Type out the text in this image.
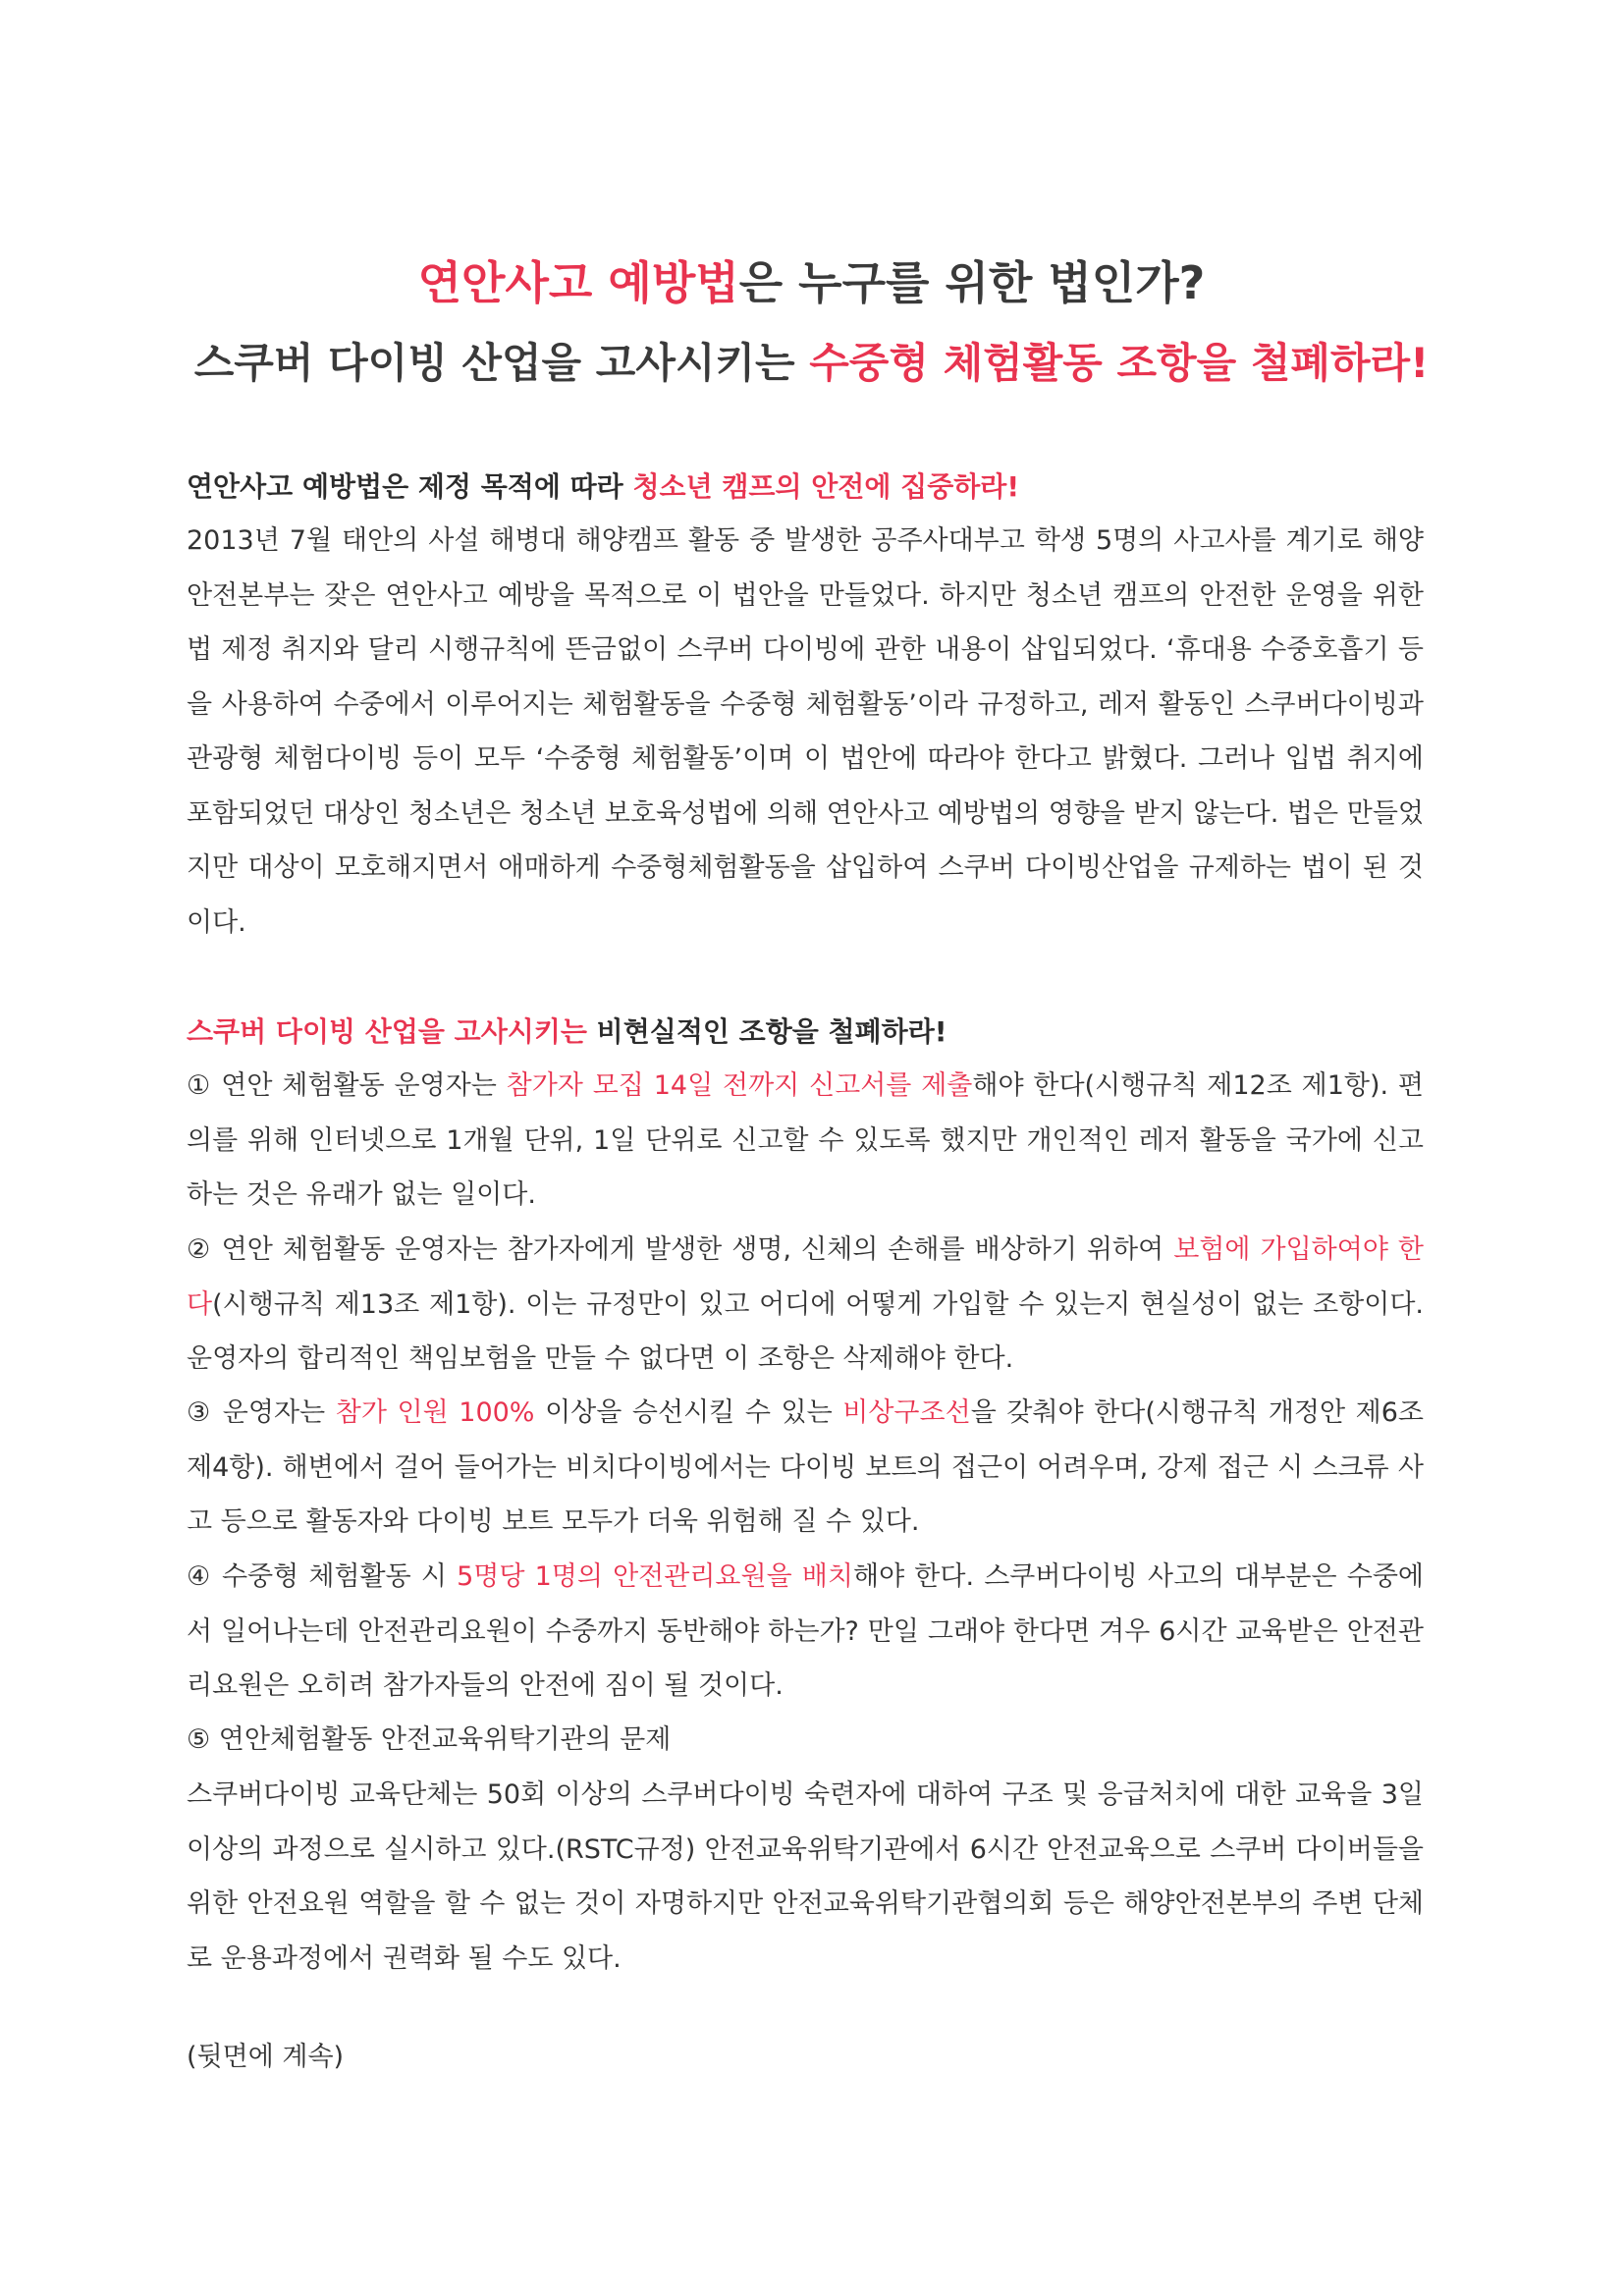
연안사고 예방법은 누구를 위한 법인가?
스쿠버 다이빙 산업을 고사시키는 수중형 체험활동 조항을 철폐하라!
연안사고 예방법은 제정 목적에 따라 청소년 캠프의 안전에 집중하라!

2013년 7월 태안의 사설 해병대 해양캠프 활동 중 발생한 공주사대부고 학생 5명의 사고사를 계기로 해양안전본부는 잦은 연안사고 예방을 목적으로 이 법안을 만들었다. 하지만 청소년 캠프의 안전한 운영을 위한 법 제정 취지와 달리 시행규칙에 뜬금없이 스쿠버 다이빙에 관한 내용이 삽입되었다. ‘휴대용 수중호흡기 등을 사용하여 수중에서 이루어지는 체험활동을 수중형 체험활동’이라 규정하고, 레저 활동인 스쿠버다이빙과 관광형 체험다이빙 등이 모두 ‘수중형 체험활동’이며 이 법안에 따라야 한다고 밝혔다. 그러나 입법 취지에 포함되었던 대상인 청소년은 청소년 보호육성법에 의해 연안사고 예방법의 영향을 받지 않는다. 법은 만들었지만 대상이 모호해지면서 애매하게 수중형체험활동을 삽입하여 스쿠버 다이빙산업을 규제하는 법이 된 것이다.

스쿠버 다이빙 산업을 고사시키는 비현실적인 조항을 철폐하라!

① 연안 체험활동 운영자는 참가자 모집 14일 전까지 신고서를 제출해야 한다(시행규칙 제12조 제1항). 편의를 위해 인터넷으로 1개월 단위, 1일 단위로 신고할 수 있도록 했지만 개인적인 레저 활동을 국가에 신고하는 것은 유래가 없는 일이다.

② 연안 체험활동 운영자는 참가자에게 발생한 생명, 신체의 손해를 배상하기 위하여 보험에 가입하여야 한다(시행규칙 제13조 제1항). 이는 규정만이 있고 어디에 어떻게 가입할 수 있는지 현실성이 없는 조항이다. 운영자의 합리적인 책임보험을 만들 수 없다면 이 조항은 삭제해야 한다.

③ 운영자는 참가 인원 100% 이상을 승선시킬 수 있는 비상구조선을 갖춰야 한다(시행규칙 개정안 제6조 제4항). 해변에서 걸어 들어가는 비치다이빙에서는 다이빙 보트의 접근이 어려우며, 강제 접근 시 스크류 사고 등으로 활동자와 다이빙 보트 모두가 더욱 위험해 질 수 있다.

④ 수중형 체험활동 시 5명당 1명의 안전관리요원을 배치해야 한다. 스쿠버다이빙 사고의 대부분은 수중에서 일어나는데 안전관리요원이 수중까지 동반해야 하는가? 만일 그래야 한다면 겨우 6시간 교육받은 안전관리요원은 오히려 참가자들의 안전에 짐이 될 것이다.

⑤ 연안체험활동 안전교육위탁기관의 문제

스쿠버다이빙 교육단체는 50회 이상의 스쿠버다이빙 숙련자에 대하여 구조 및 응급처치에 대한 교육을 3일 이상의 과정으로 실시하고 있다.(RSTC규정) 안전교육위탁기관에서 6시간 안전교육으로 스쿠버 다이버들을 위한 안전요원 역할을 할 수 없는 것이 자명하지만 안전교육위탁기관협의회 등은 해양안전본부의 주변 단체로 운용과정에서 권력화 될 수도 있다.

(뒷면에 계속)
